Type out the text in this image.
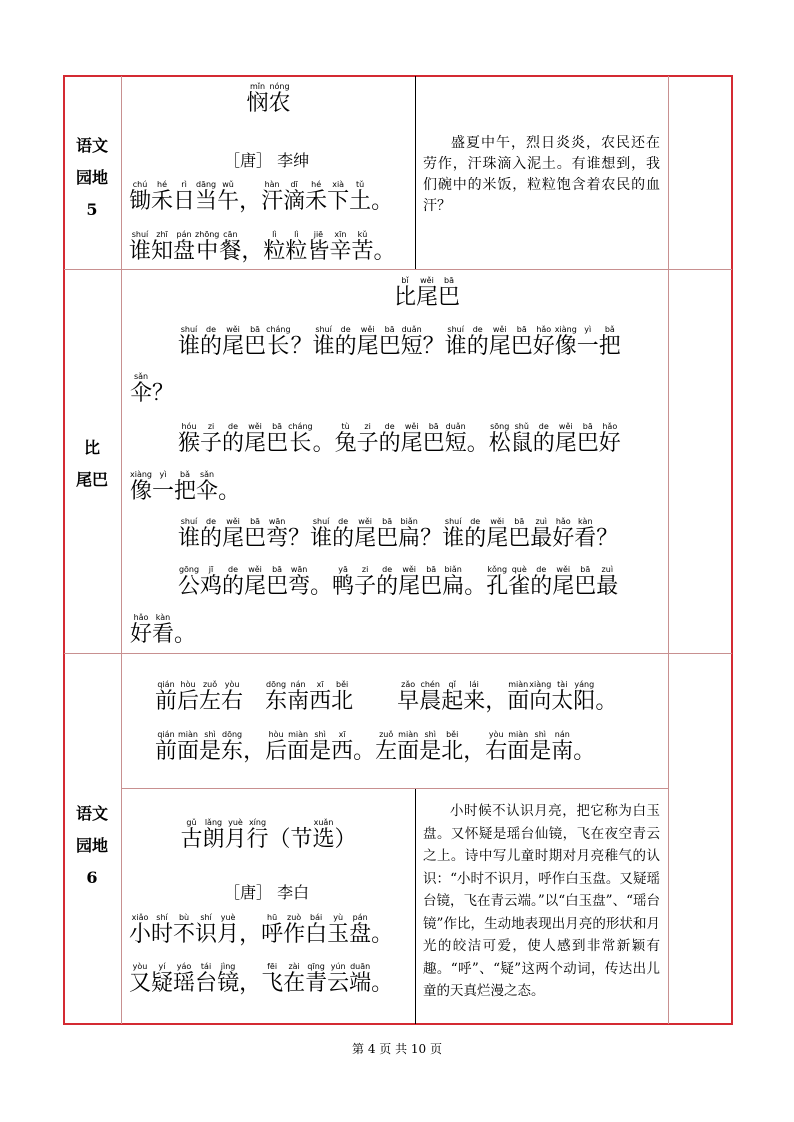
语文
园地
5
比
尾巴
语文
园地
6
悯mǐn农nóng
［唐］ 李绅
锄chú禾hé日rì当dāng午wǔ， 汗hàn滴dī禾hé下xià土tǔ。
谁shuí知zhī盘pán中zhōng餐cān， 粒lì粒lì皆jiē辛xīn苦kǔ。
盛夏中午，烈日炎炎，农民还在劳作，汗珠滴入泥土。有谁想到，我们碗中的米饭，粒粒饱含着农民的血汗？
比bǐ尾wěi巴bā
谁shuí的de尾wěi巴bā长cháng？ 谁shuí的de尾wěi巴bā短duǎn？ 谁shuí的de尾wěi巴bā好hǎo像xiàng一yì把bǎ
伞sǎn？
猴hóu子zi的de尾wěi巴bā长cháng。 兔tù子zi的de尾wěi巴bā短duǎn。 松sōng鼠shǔ的de尾wěi巴bā好hǎo
像xiàng一yì把bǎ伞sǎn。
谁shuí的de尾wěi巴bā弯wān？ 谁shuí的de尾wěi巴bā扁biǎn？ 谁shuí的de尾wěi巴bā最zuì好hǎo看kàn？
公gōng鸡jī的de尾wěi巴bā弯wān。 鸭yā子zi的de尾wěi巴bā扁biǎn。 孔kǒng雀què的de尾wěi巴bā最zuì
好hǎo看kàn。
前qián后hòu左zuǒ右yòu　 东dōng南nán西xī北běi　 　 早zǎo晨chén起qǐ来lái， 面miàn向xiàng太tài阳yáng。
前qián面miàn是shì东dōng， 后hòu面miàn是shì西xī。 左zuǒ面miàn是shì北běi， 右yòu面miàn是shì南nán。
古gǔ朗lǎng月yuè行xíng（节 选xuǎn）
［唐］ 李白
小xiǎo时shí不bù识shí月yuè， 呼hū作zuò白bái玉yù盘pán。
又yòu疑yí瑶yáo台tái镜jìng， 飞fēi在zài青qīng云yún端duān。
小时候不认识月亮，把它称为白玉盘。又怀疑是瑶台仙镜，飞在夜空青云之上。诗中写儿童时期对月亮稚气的认识：“小时不识月，呼作白玉盘。又疑瑶台镜，飞在青云端。”以“白玉盘”、“瑶台镜”作比，生动地表现出月亮的形状和月光的皎洁可爱，使人感到非常新颖有趣。“呼”、“疑”这两个动词，传达出儿童的天真烂漫之态。
第 4 页 共 10 页
